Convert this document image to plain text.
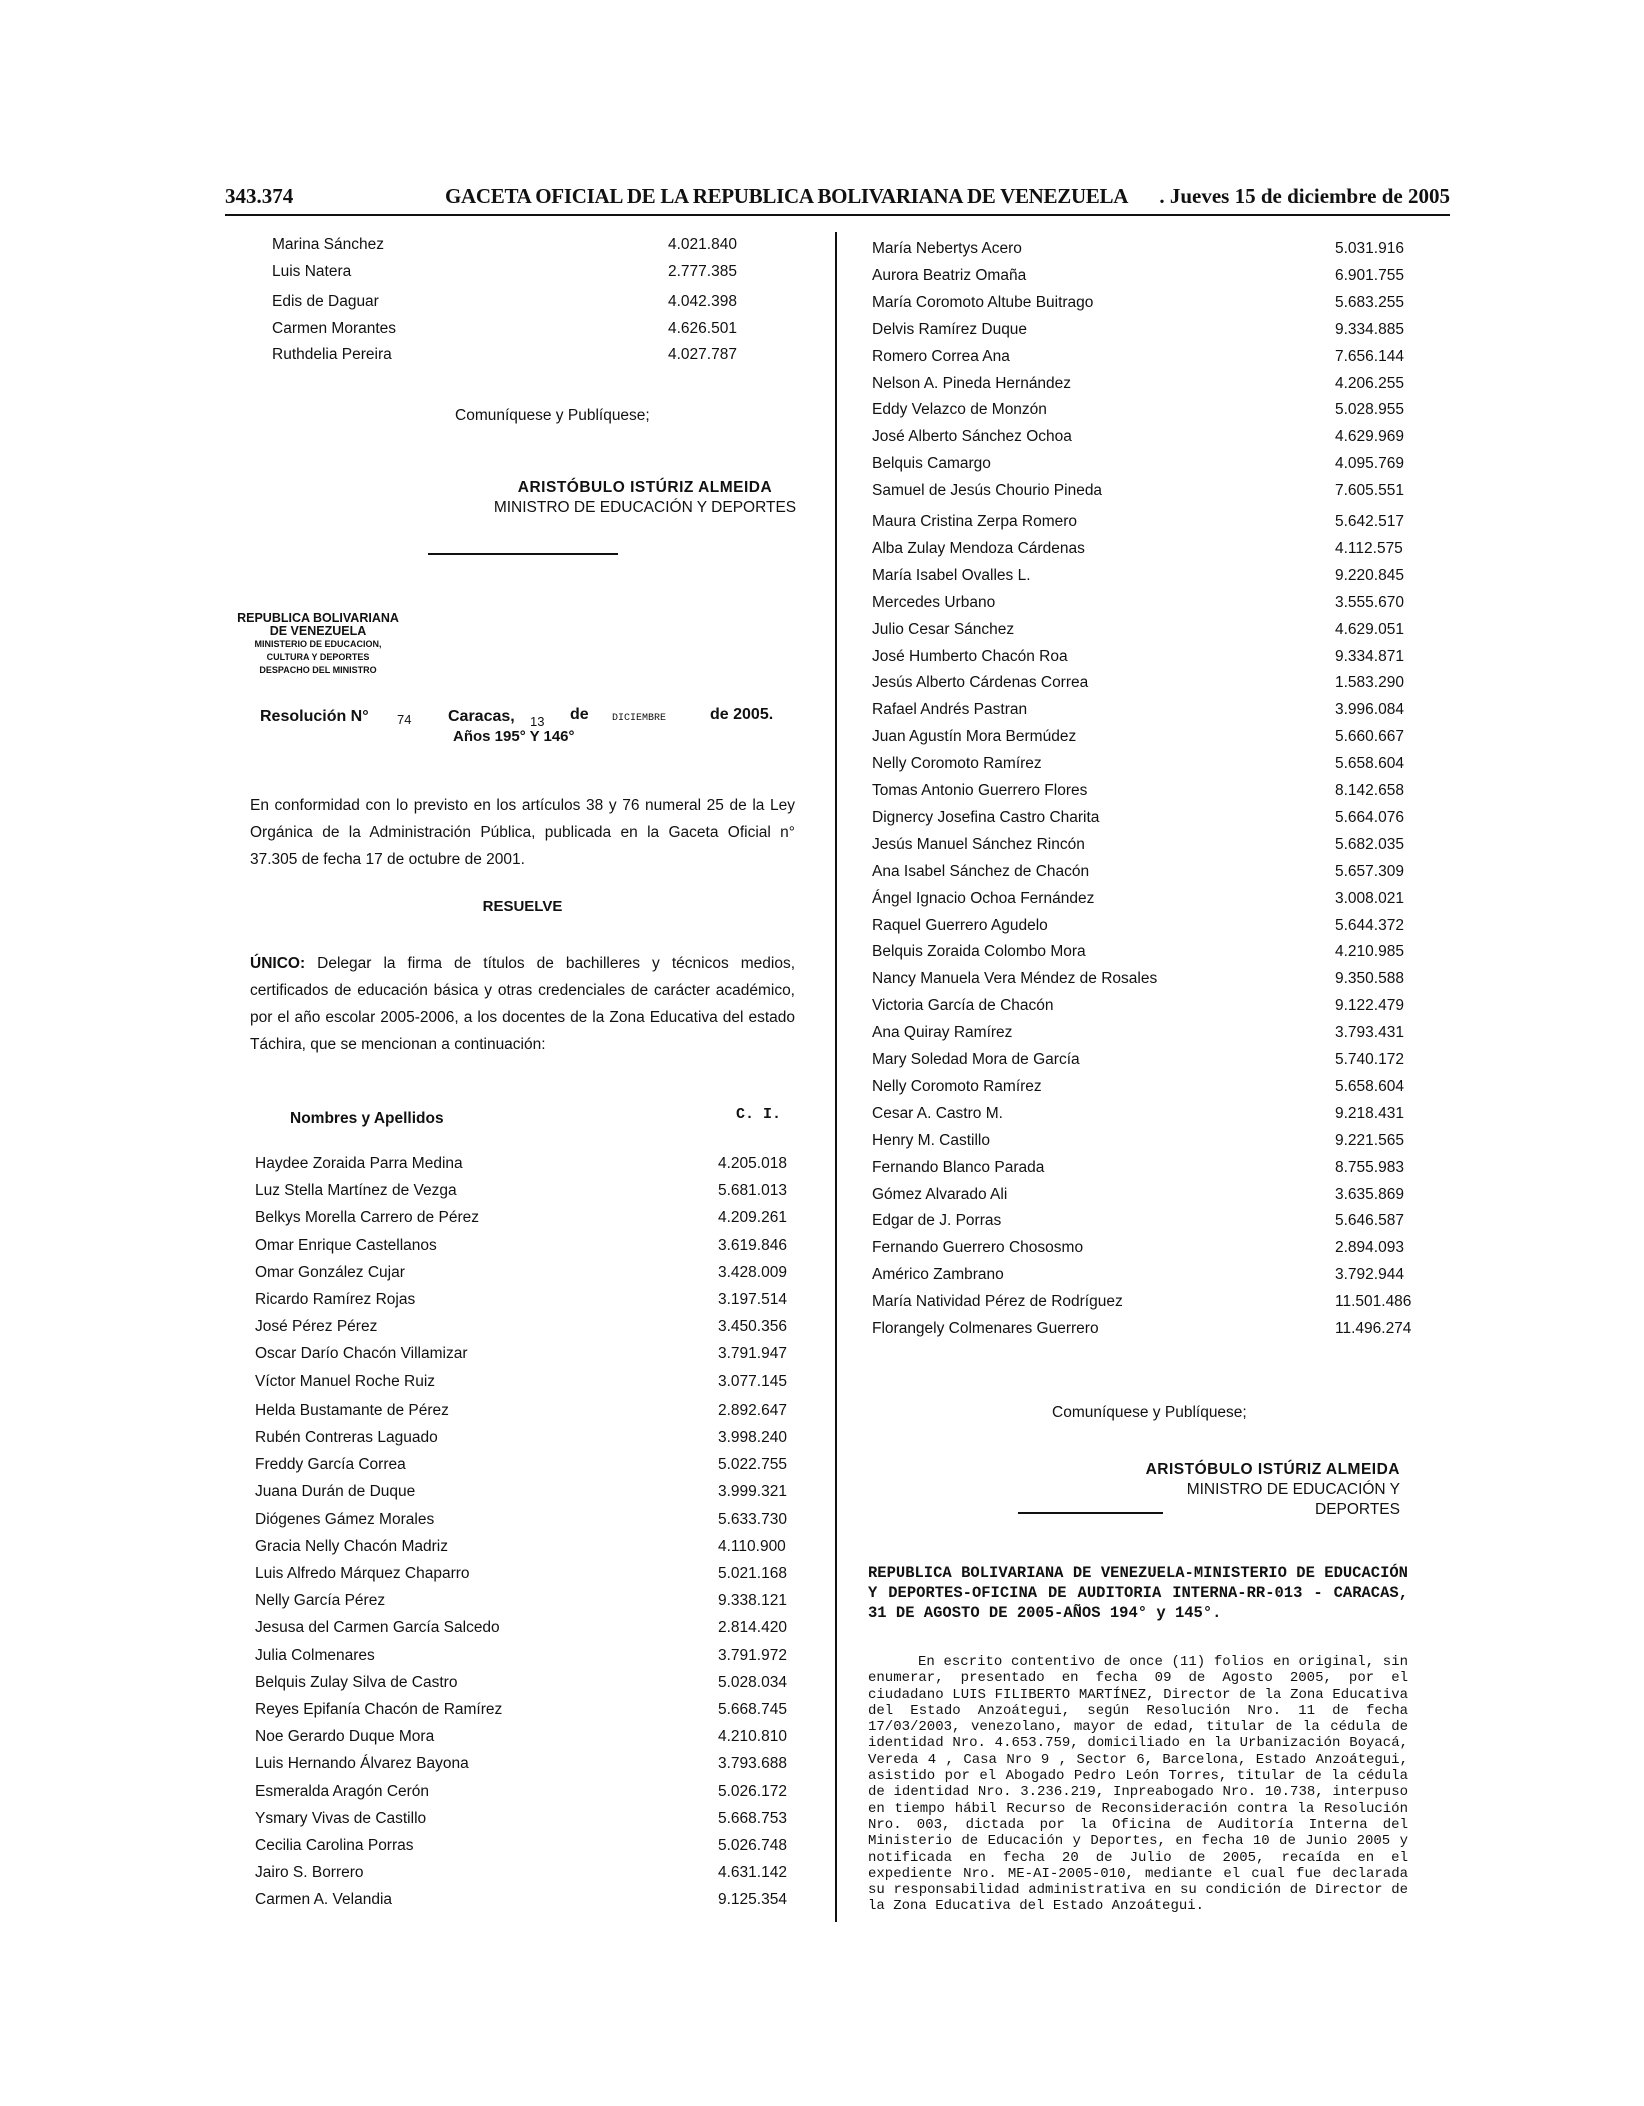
343.374	GACETA OFICIAL DE LA REPUBLICA BOLIVARIANA DE VENEZUELA . Jueves 15 de diciembre de 2005
Marina Sánchez	4.021.840
Luis Natera	2.777.385
Edis de Daguar	4.042.398
Carmen Morantes	4.626.501
Ruthdelia Pereira	4.027.787
Comuníquese y Publíquese;
ARISTÓBULO ISTÚRIZ ALMEIDA
MINISTRO DE EDUCACIÓN Y DEPORTES
REPUBLICA BOLIVARIANA
DE VENEZUELA
MINISTERIO DE EDUCACION,
CULTURA Y DEPORTES
DESPACHO DEL MINISTRO
Resolución N° 74 Caracas, 13 de DICIEMBRE	de 2005.
Años 195° Y 146°
En conformidad con lo previsto en los artículos 38 y 76 numeral 25 de la Ley Orgánica de la Administración Pública, publicada en la Gaceta Oficial n° 37.305 de fecha 17 de octubre de 2001.
RESUELVE
ÚNICO: Delegar la firma de títulos de bachilleres y técnicos medios, certificados de educación básica y otras credenciales de carácter académico, por el año escolar 2005-2006, a los docentes de la Zona Educativa del estado Táchira, que se mencionan a continuación:
Nombres y Apellidos	C. I.
Haydee Zoraida Parra Medina	4.205.018
Luz Stella Martínez de Vezga	5.681.013
Belkys Morella Carrero de Pérez	4.209.261
Omar Enrique Castellanos	3.619.846
Omar González Cujar	3.428.009
Ricardo Ramírez Rojas	3.197.514
José Pérez Pérez	3.450.356
Oscar Darío Chacón Villamizar	3.791.947
Víctor Manuel Roche Ruiz	3.077.145
Helda Bustamante de Pérez	2.892.647
Rubén Contreras Laguado	3.998.240
Freddy García Correa	5.022.755
Juana Durán de Duque	3.999.321
Diógenes Gámez Morales	5.633.730
Gracia Nelly Chacón Madriz	4.110.900
Luis Alfredo Márquez Chaparro	5.021.168
Nelly García Pérez	9.338.121
Jesusa del Carmen García Salcedo	2.814.420
Julia Colmenares	3.791.972
Belquis Zulay Silva de Castro	5.028.034
Reyes Epifanía Chacón de Ramírez	5.668.745
Noe Gerardo Duque Mora	4.210.810
Luis Hernando Álvarez Bayona	3.793.688
Esmeralda Aragón Cerón	5.026.172
Ysmary Vivas de Castillo	5.668.753
Cecilia Carolina Porras	5.026.748
Jairo S. Borrero	4.631.142
Carmen A. Velandia	9.125.354
María Nebertys Acero	5.031.916
Aurora Beatriz Omaña	6.901.755
María Coromoto Altube Buitrago	5.683.255
Delvis Ramírez Duque	9.334.885
Romero Correa Ana	7.656.144
Nelson A. Pineda Hernández	4.206.255
Eddy Velazco de Monzón	5.028.955
José Alberto Sánchez Ochoa	4.629.969
Belquis Camargo	4.095.769
Samuel de Jesús Chourio Pineda	7.605.551
Maura Cristina Zerpa Romero	5.642.517
Alba Zulay Mendoza Cárdenas	4.112.575
María Isabel Ovalles L.	9.220.845
Mercedes Urbano	3.555.670
Julio Cesar Sánchez	4.629.051
José Humberto Chacón Roa	9.334.871
Jesús Alberto Cárdenas Correa	1.583.290
Rafael Andrés Pastran	3.996.084
Juan Agustín Mora Bermúdez	5.660.667
Nelly Coromoto Ramírez	5.658.604
Tomas Antonio Guerrero Flores	8.142.658
Dignercy Josefina Castro Charita	5.664.076
Jesús Manuel Sánchez Rincón	5.682.035
Ana Isabel Sánchez de Chacón	5.657.309
Ángel Ignacio Ochoa Fernández	3.008.021
Raquel Guerrero Agudelo	5.644.372
Belquis Zoraida Colombo Mora	4.210.985
Nancy Manuela Vera Méndez de Rosales	9.350.588
Victoria García de Chacón	9.122.479
Ana Quiray Ramírez	3.793.431
Mary Soledad Mora de García	5.740.172
Nelly Coromoto Ramírez	5.658.604
Cesar A. Castro M.	9.218.431
Henry M. Castillo	9.221.565
Fernando Blanco Parada	8.755.983
Gómez Alvarado Ali	3.635.869
Edgar de J. Porras	5.646.587
Fernando Guerrero Chososmo	2.894.093
Américo Zambrano	3.792.944
María Natividad Pérez de Rodríguez	11.501.486
Florangely Colmenares Guerrero	11.496.274
Comuníquese y Publíquese;
ARISTÓBULO ISTÚRIZ ALMEIDA
MINISTRO DE EDUCACIÓN Y DEPORTES
REPUBLICA BOLIVARIANA DE VENEZUELA-MINISTERIO DE EDUCACIÓN Y DEPORTES-OFICINA DE AUDITORIA INTERNA-RR-013 - CARACAS, 31 DE AGOSTO DE 2005-AÑOS 194° y 145°.
En escrito contentivo de once (11) folios en original, sin enumerar, presentado en fecha 09 de Agosto 2005, por el ciudadano LUIS FILIBERTO MARTÍNEZ, Director de la Zona Educativa del Estado Anzoátegui, según Resolución Nro. 11 de fecha 17/03/2003, venezolano, mayor de edad, titular de la cédula de identidad Nro. 4.653.759, domiciliado en la Urbanización Boyacá, Vereda 4 , Casa Nro 9 , Sector 6, Barcelona, Estado Anzoátegui, asistido por el Abogado Pedro León Torres, titular de la cédula de identidad Nro. 3.236.219, Inpreabogado Nro. 10.738, interpuso en tiempo hábil Recurso de Reconsideración contra la Resolución Nro. 003, dictada por la Oficina de Auditoría Interna del Ministerio de Educación y Deportes, en fecha 10 de Junio 2005 y notificada en fecha 20 de Julio de 2005, recaída en el expediente Nro. ME-AI-2005-010, mediante el cual fue declarada su responsabilidad administrativa en su condición de Director de la Zona Educativa del Estado Anzoátegui.
